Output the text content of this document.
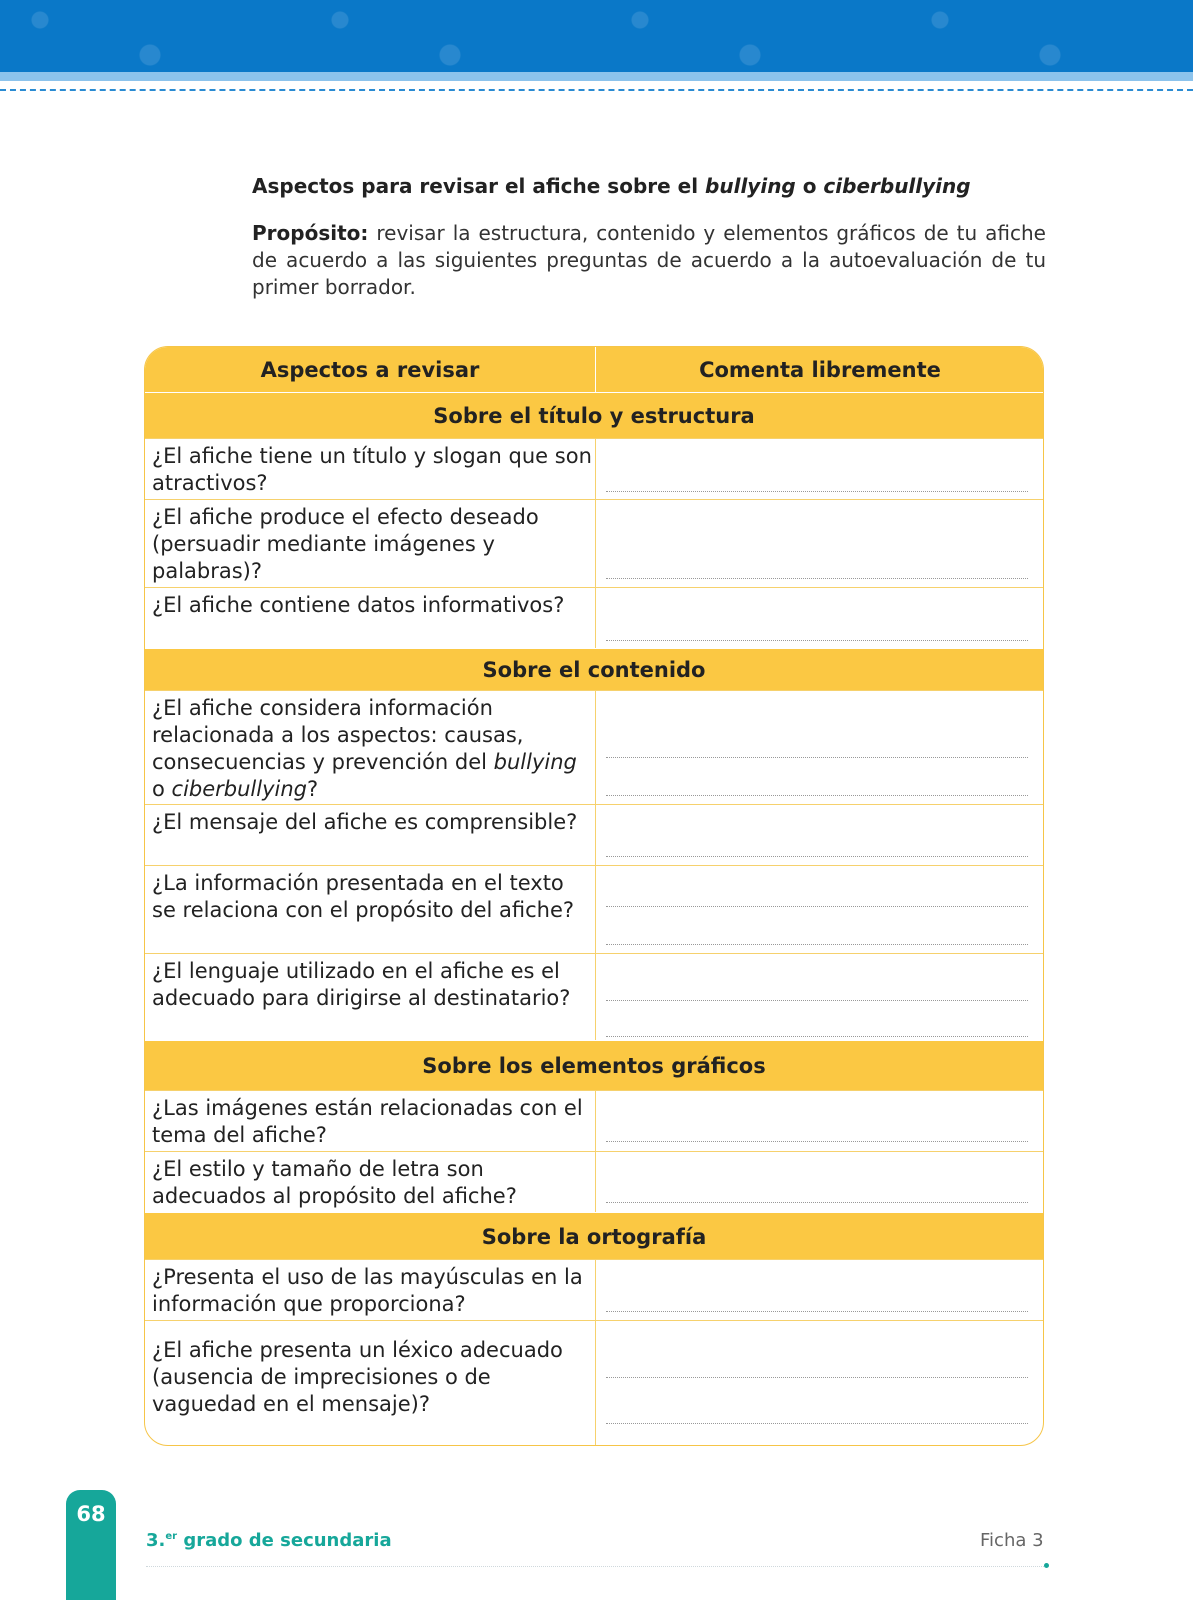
Aspectos para revisar el afiche sobre el bullying o ciberbullying
Propósito: revisar la estructura, contenido y elementos gráficos de tu afiche de acuerdo a las siguientes preguntas de acuerdo a la autoevaluación de tu primer borrador.
Aspectos a revisar	Comenta libremente
Sobre el título y estructura
¿El afiche tiene un título y slogan que son atractivos?
¿El afiche produce el efecto deseado (persuadir mediante imágenes y palabras)?
¿El afiche contiene datos informativos?
Sobre el contenido
¿El afiche considera información relacionada a los aspectos: causas, consecuencias y prevención del bullying o ciberbullying?
¿El mensaje del afiche es comprensible?
¿La información presentada en el texto se relaciona con el propósito del afiche?
¿El lenguaje utilizado en el afiche es el adecuado para dirigirse al destinatario?
Sobre los elementos gráficos
¿Las imágenes están relacionadas con el tema del afiche?
¿El estilo y tamaño de letra son adecuados al propósito del afiche?
Sobre la ortografía
¿Presenta el uso de las mayúsculas en la información que proporciona?
¿El afiche presenta un léxico adecuado (ausencia de imprecisiones o de vaguedad en el mensaje)?
68
3.$^{er}$ grado de secundaria	Ficha 3
